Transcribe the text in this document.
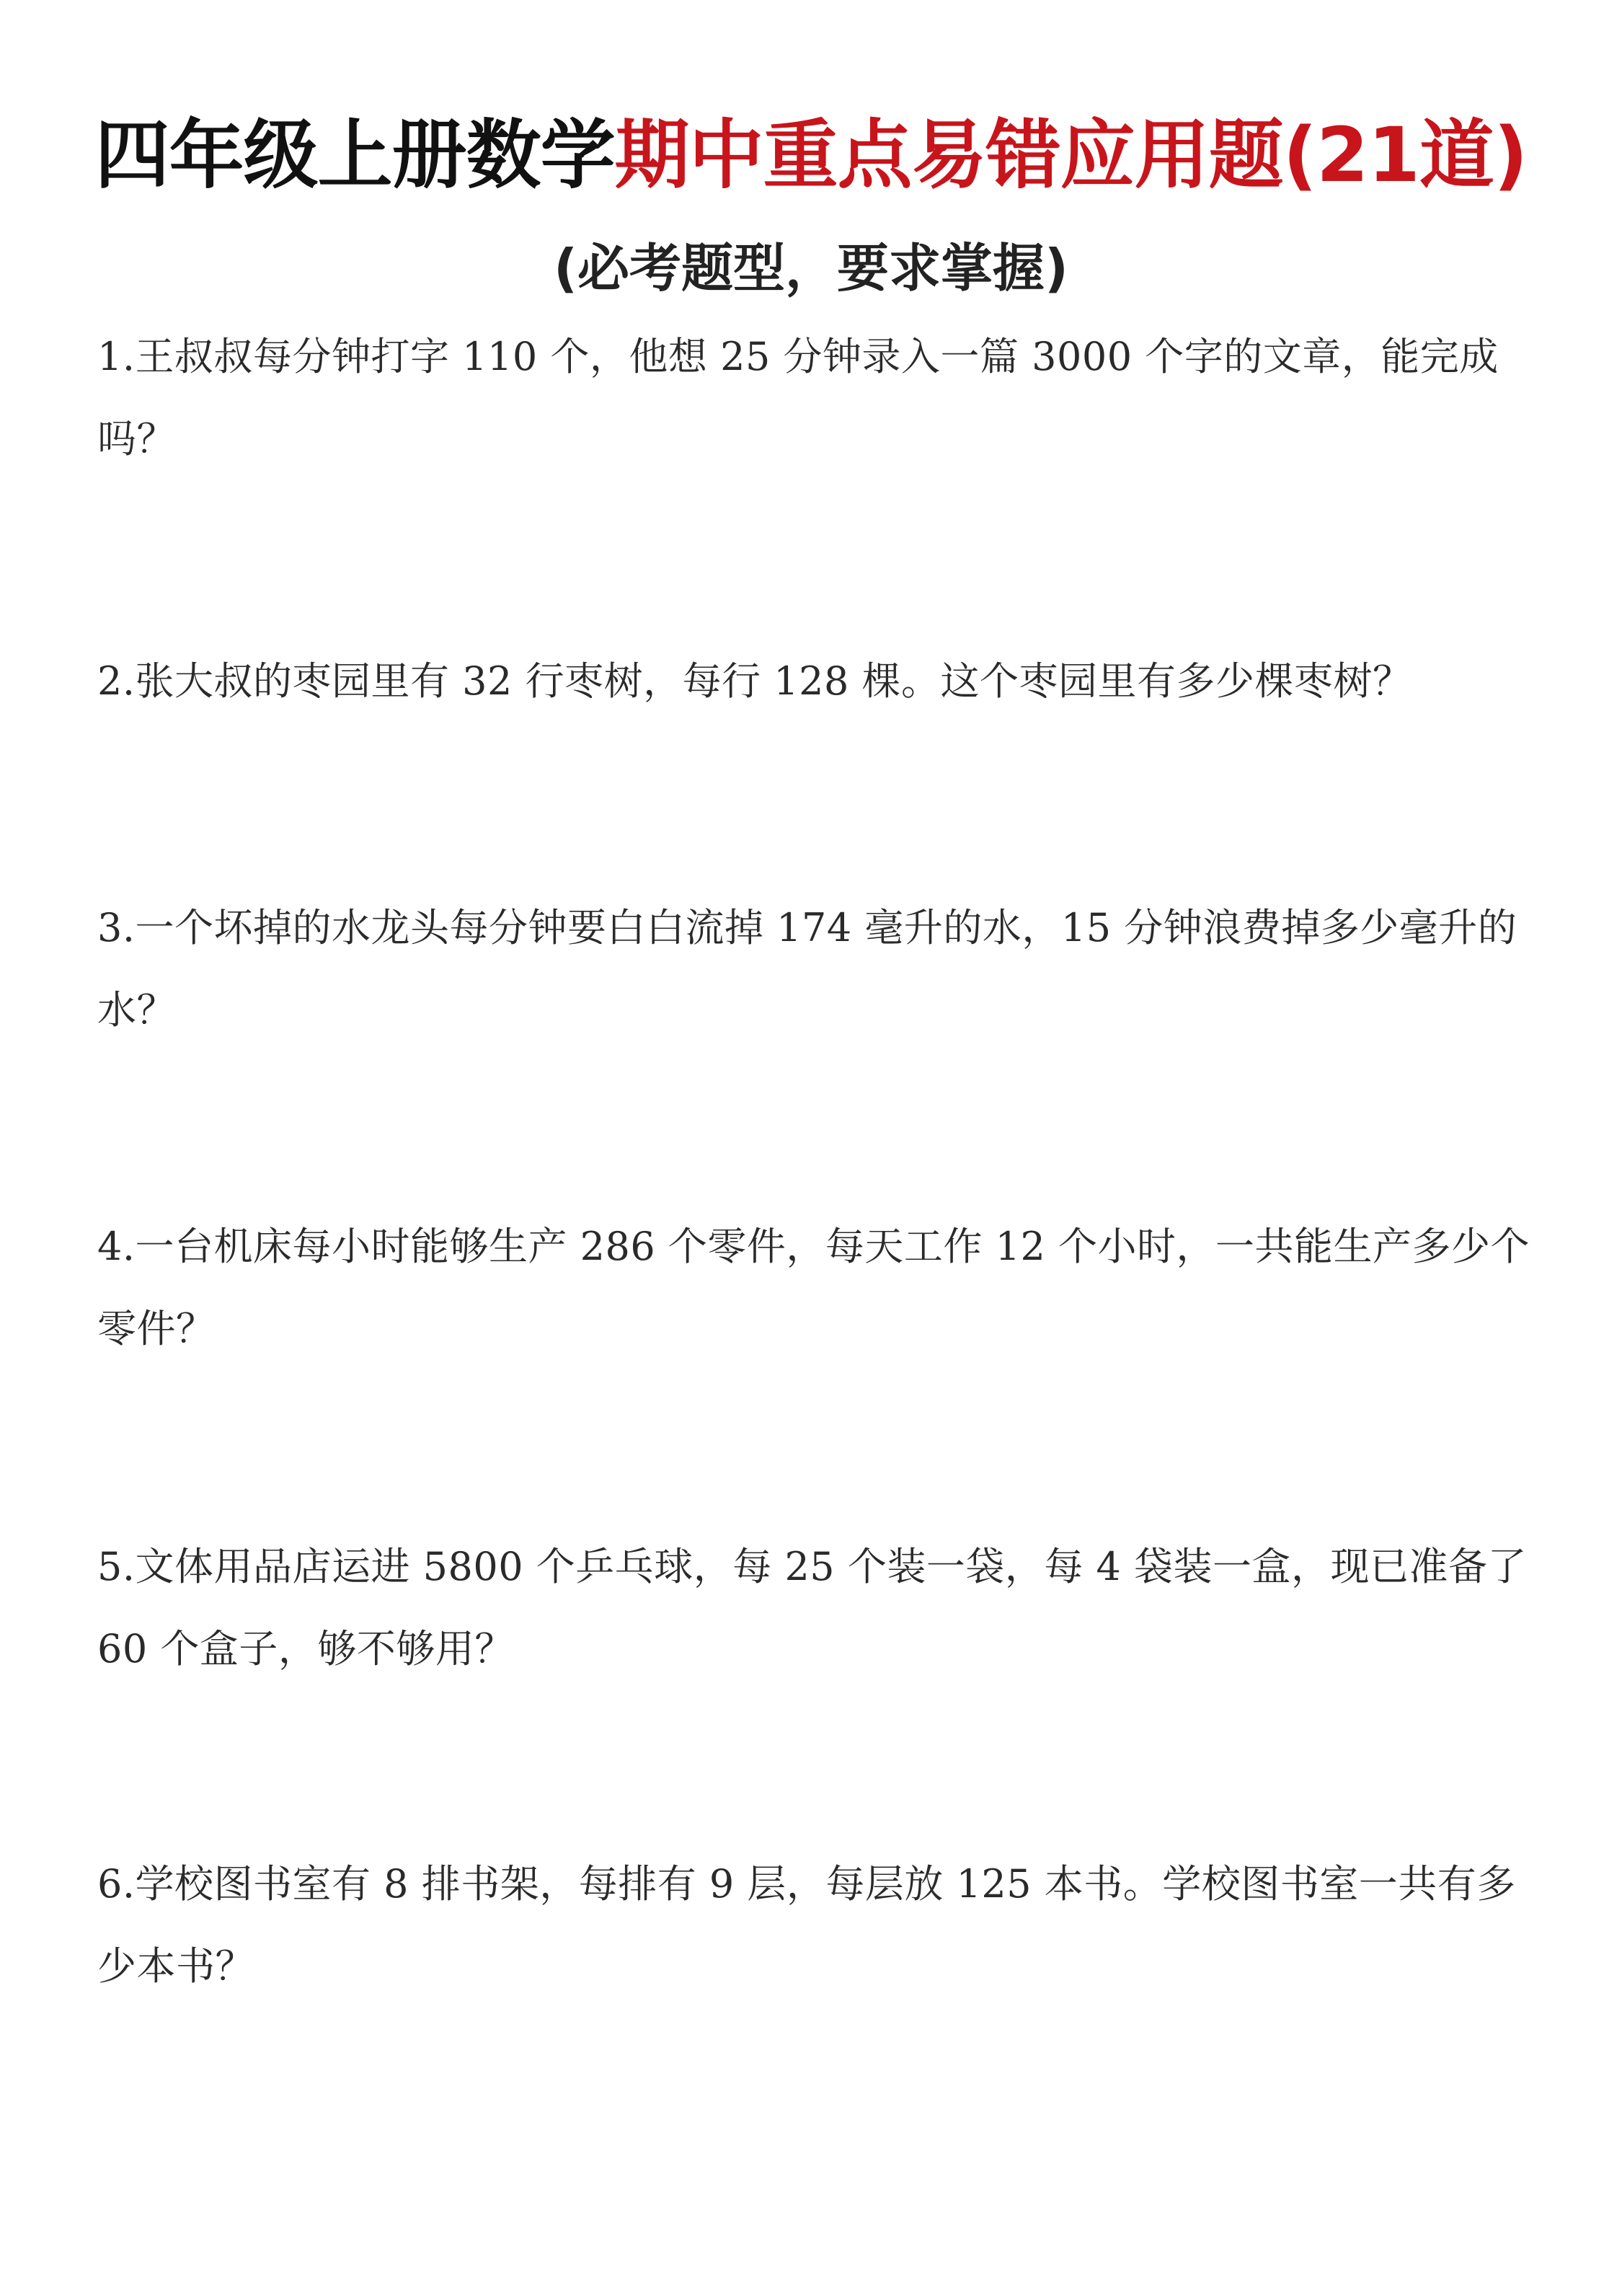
四年级上册数学期中重点易错应用题(21道)
(必考题型，要求掌握)
1.王叔叔每分钟打字 110 个，他想 25 分钟录入一篇 3000 个字的文章，能完成吗？
2.张大叔的枣园里有 32 行枣树，每行 128 棵。这个枣园里有多少棵枣树？
3.一个坏掉的水龙头每分钟要白白流掉 174 毫升的水，15 分钟浪费掉多少毫升的水？
4.一台机床每小时能够生产 286 个零件，每天工作 12 个小时，一共能生产多少个零件？
5.文体用品店运进 5800 个乒乓球，每 25 个装一袋，每 4 袋装一盒，现已准备了 60 个盒子，够不够用？
6.学校图书室有 8 排书架，每排有 9 层，每层放 125 本书。学校图书室一共有多少本书？
